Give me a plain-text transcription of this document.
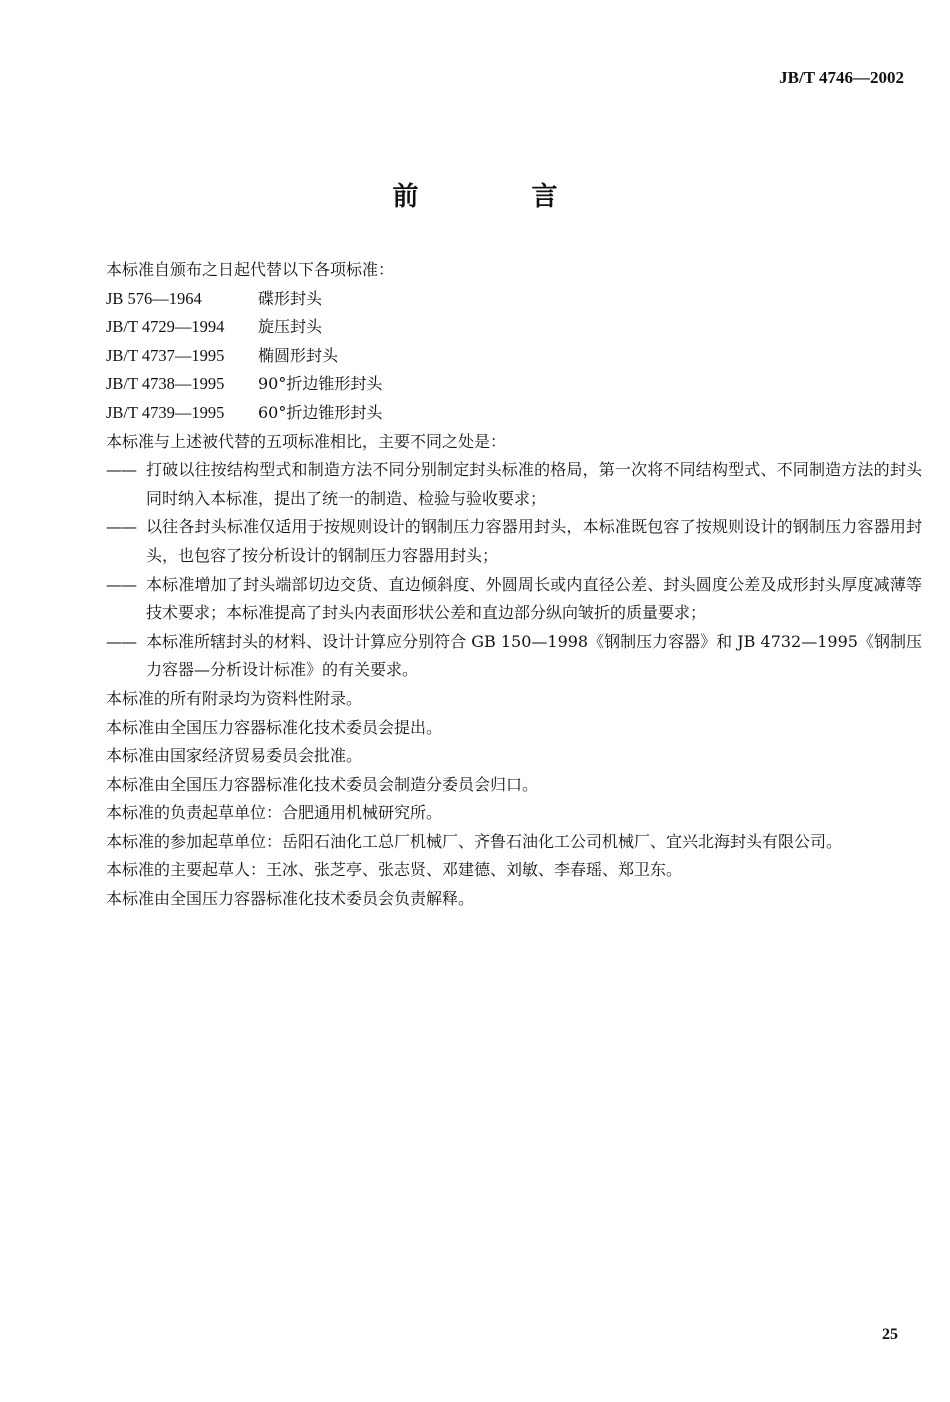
JB/T 4746—2002
前 言
本标准自颁布之日起代替以下各项标准：
JB 576—1964	碟形封头
JB/T 4729—1994	旋压封头
JB/T 4737—1995	椭圆形封头
JB/T 4738—1995	90°折边锥形封头
JB/T 4739—1995	60°折边锥形封头
本标准与上述被代替的五项标准相比，主要不同之处是：
—— 打破以往按结构型式和制造方法不同分别制定封头标准的格局，第一次将不同结构型式、不同制造方法的封头同时纳入本标准，提出了统一的制造、检验与验收要求；
—— 以往各封头标准仅适用于按规则设计的钢制压力容器用封头，本标准既包容了按规则设计的钢制压力容器用封头，也包容了按分析设计的钢制压力容器用封头；
—— 本标准增加了封头端部切边交货、直边倾斜度、外圆周长或内直径公差、封头圆度公差及成形封头厚度减薄等技术要求；本标准提高了封头内表面形状公差和直边部分纵向皱折的质量要求；
—— 本标准所辖封头的材料、设计计算应分别符合 GB 150—1998《钢制压力容器》和 JB 4732—1995《钢制压力容器—分析设计标准》的有关要求。
本标准的所有附录均为资料性附录。
本标准由全国压力容器标准化技术委员会提出。
本标准由国家经济贸易委员会批准。
本标准由全国压力容器标准化技术委员会制造分委员会归口。
本标准的负责起草单位：合肥通用机械研究所。
本标准的参加起草单位：岳阳石油化工总厂机械厂、齐鲁石油化工公司机械厂、宜兴北海封头有限公司。
本标准的主要起草人：王冰、张芝亭、张志贤、邓建德、刘敏、李春瑶、郑卫东。
本标准由全国压力容器标准化技术委员会负责解释。
25
